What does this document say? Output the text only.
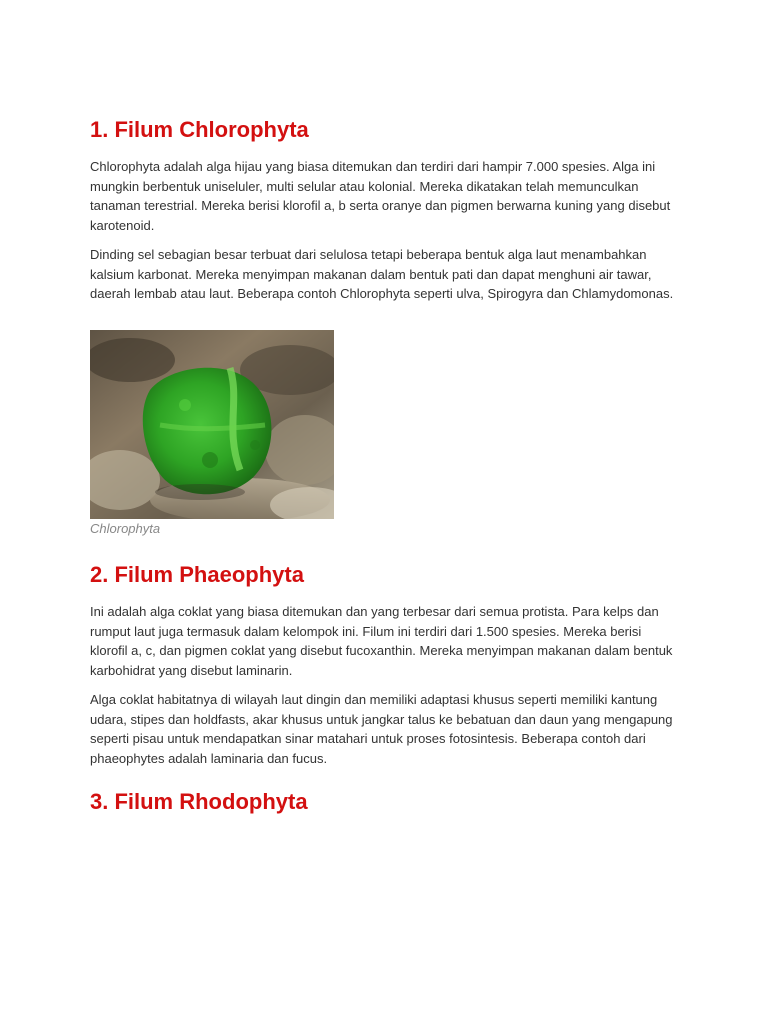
1. Filum Chlorophyta

Chlorophyta adalah alga hijau yang biasa ditemukan dan terdiri dari hampir 7.000 spesies. Alga ini mungkin berbentuk uniseluler, multi selular atau kolonial. Mereka dikatakan telah memunculkan tanaman terestrial. Mereka berisi klorofil a, b serta oranye dan pigmen berwarna kuning yang disebut karotenoid.

Dinding sel sebagian besar terbuat dari selulosa tetapi beberapa bentuk alga laut menambahkan kalsium karbonat. Mereka menyimpan makanan dalam bentuk pati dan dapat menghuni air tawar, daerah lembab atau laut. Beberapa contoh Chlorophyta seperti ulva, Spirogyra dan Chlamydomonas.

Chlorophyta
2. Filum Phaeophyta

Ini adalah alga coklat yang biasa ditemukan dan yang terbesar dari semua protista. Para kelps dan rumput laut juga termasuk dalam kelompok ini. Filum ini terdiri dari 1.500 spesies. Mereka berisi klorofil a, c, dan pigmen coklat yang disebut fucoxanthin. Mereka menyimpan makanan dalam bentuk karbohidrat yang disebut laminarin.

Alga coklat habitatnya di wilayah laut dingin dan memiliki adaptasi khusus seperti memiliki kantung udara, stipes dan holdfasts, akar khusus untuk jangkar talus ke bebatuan dan daun yang mengapung seperti pisau untuk mendapatkan sinar matahari untuk proses fotosintesis. Beberapa contoh dari phaeophytes adalah laminaria dan fucus.

3. Filum Rhodophyta
